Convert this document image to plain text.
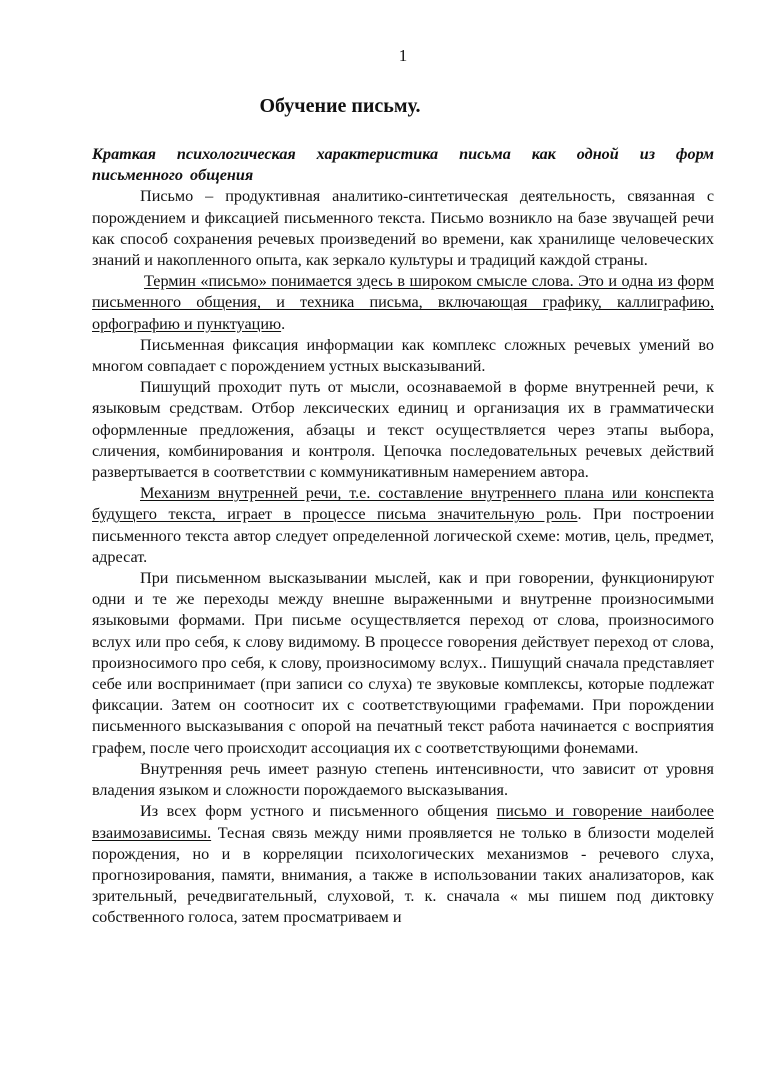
1
Обучение письму.

Краткая психологическая характеристика письма как одной из форм письменного общения

Письмо – продуктивная аналитико-синтетическая деятельность, связанная с порождением и фиксацией письменного текста. Письмо возникло на базе звучащей речи как способ сохранения речевых произведений во времени, как хранилище человеческих знаний и накопленного опыта, как зеркало культуры и традиций каждой страны.

Термин «письмо» понимается здесь в широком смысле слова. Это и одна из форм письменного общения, и техника письма, включающая графику, каллиграфию, орфографию и пунктуацию.

Письменная фиксация информации как комплекс сложных речевых умений во многом совпадает с порождением устных высказываний.

Пишущий проходит путь от мысли, осознаваемой в форме внутренней речи, к языковым средствам. Отбор лексических единиц и организация их в грамматически оформленные предложения, абзацы и текст осуществляется через этапы выбора, сличения, комбинирования и контроля. Цепочка последовательных речевых действий развертывается в соответствии с коммуникативным намерением автора.

Механизм внутренней речи, т.е. составление внутреннего плана или конспекта будущего текста, играет в процессе письма значительную роль. При построении письменного текста автор следует определенной логической схеме: мотив, цель, предмет, адресат.

При письменном высказывании мыслей, как и при говорении, функционируют одни и те же переходы между внешне выраженными и внутренне произносимыми языковыми формами. При письме осуществляется переход от слова, произносимого вслух или про себя, к слову видимому. В процессе говорения действует переход от слова, произносимого про себя, к слову, произносимому вслух.. Пишущий сначала представляет себе или воспринимает (при записи со слуха) те звуковые комплексы, которые подлежат фиксации. Затем он соотносит их с соответствующими графемами. При порождении письменного высказывания с опорой на печатный текст работа начинается с восприятия графем, после чего происходит ассоциация их с соответствующими фонемами.

Внутренняя речь имеет разную степень интенсивности, что зависит от уровня владения языком и сложности порождаемого высказывания.

Из всех форм устного и письменного общения письмо и говорение наиболее взаимозависимы. Тесная связь между ними проявляется не только в близости моделей порождения, но и в корреляции психологических механизмов - речевого слуха, прогнозирования, памяти, внимания, а также в использовании таких анализаторов, как зрительный, речедвигательный, слуховой, т. к. сначала « мы пишем под диктовку собственного голоса, затем просматриваем и
